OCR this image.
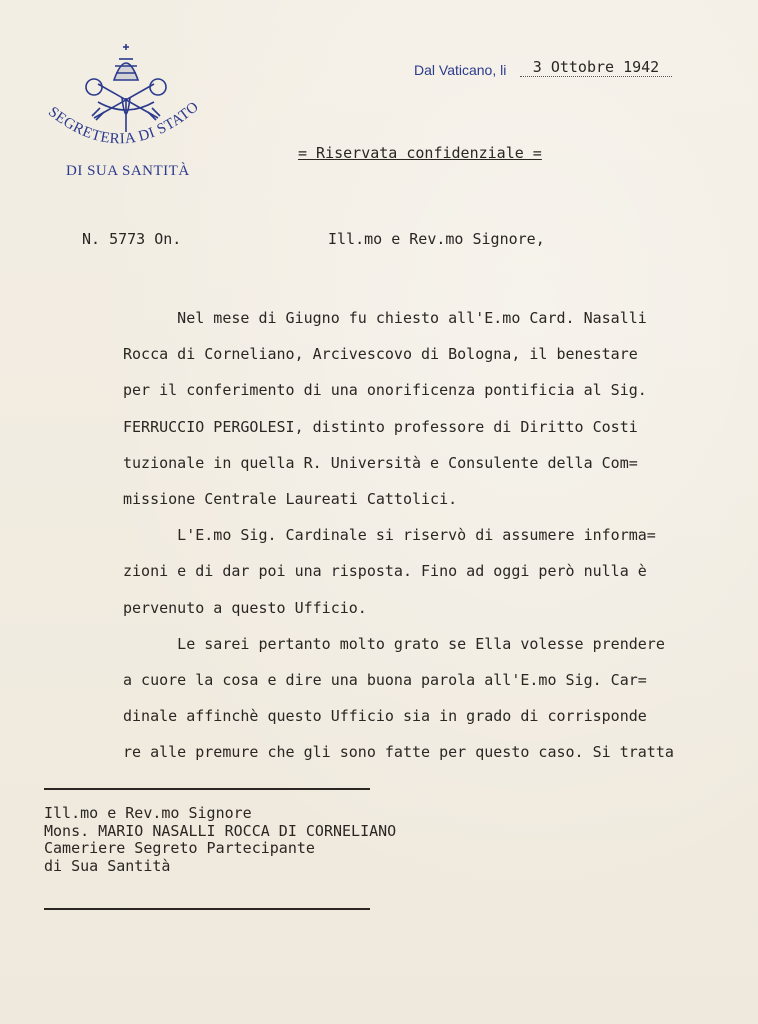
SEGRETERIA DI STATO
DI SUA SANTITÀ
Dal Vaticano, li	3 Ottobre 1942
= Riservata confidenziale =
N. 5773 On.	Ill.mo e Rev.mo Signore,

Nel mese di Giugno fu chiesto all'E.mo Card. Nasalli

Rocca di Corneliano, Arcivescovo di Bologna, il benestare

per il conferimento di una onorificenza pontificia al Sig.

FERRUCCIO PERGOLESI, distinto professore di Diritto Costi

tuzionale in quella R. Università e Consulente della Com=

missione Centrale Laureati Cattolici.

L'E.mo Sig. Cardinale si riservò di assumere informa=

zioni e di dar poi una risposta. Fino ad oggi però nulla è

pervenuto a questo Ufficio.

Le sarei pertanto molto grato se Ella volesse prendere

a cuore la cosa e dire una buona parola all'E.mo Sig. Car=

dinale affinchè questo Ufficio sia in grado di corrisponde

re alle premure che gli sono fatte per questo caso. Si tratta

Ill.mo e Rev.mo Signore
Mons. MARIO NASALLI ROCCA DI CORNELIANO
Cameriere Segreto Partecipante
di Sua Santità
